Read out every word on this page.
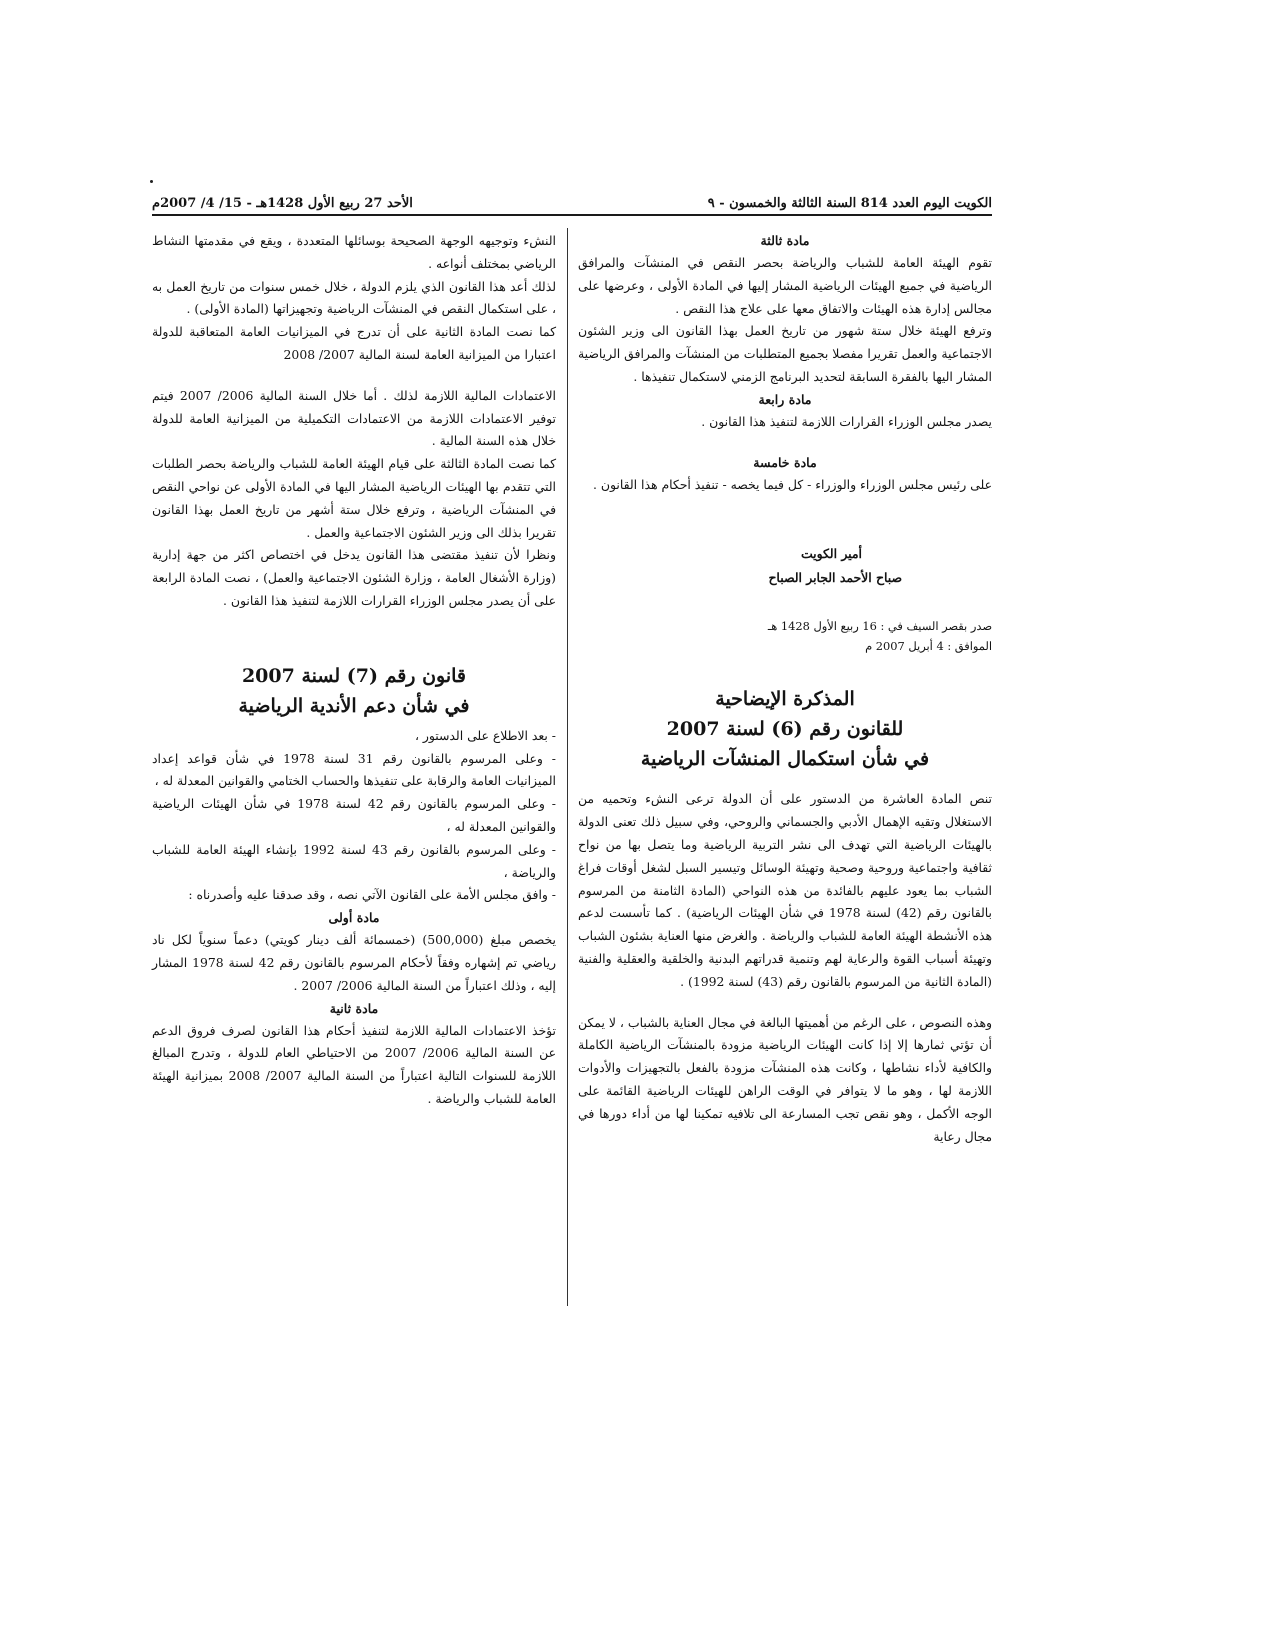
الأحد 27 ربيع الأول 1428هـ - 15/ 4/ 2007م	الكويت اليوم العدد 814 السنة الثالثة والخمسون - ٩

مادة ثالثة

تقوم الهيئة العامة للشباب والرياضة بحصر النقص في المنشآت والمرافق الرياضية في جميع الهيئات الرياضية المشار إليها في المادة الأولى ، وعرضها على مجالس إدارة هذه الهيئات والاتفاق معها على علاج هذا النقص .

وترفع الهيئة خلال ستة شهور من تاريخ العمل بهذا القانون الى وزير الشئون الاجتماعية والعمل تقريرا مفصلا بجميع المتطلبات من المنشآت والمرافق الرياضية المشار اليها بالفقرة السابقة لتحديد البرنامج الزمني لاستكمال تنفيذها .

مادة رابعة

يصدر مجلس الوزراء القرارات اللازمة لتنفيذ هذا القانون .

مادة خامسة

على رئيس مجلس الوزراء والوزراء - كل فيما يخصه - تنفيذ أحكام هذا القانون .

أمير الكويت

صباح الأحمد الجابر الصباح

صدر بقصر السيف في : 16 ربيع الأول 1428 هـ

الموافق : 4 أبريل 2007 م

المذكرة الإيضاحية

للقانون رقم (6) لسنة 2007

في شأن استكمال المنشآت الرياضية

تنص المادة العاشرة من الدستور على أن الدولة ترعى النشء وتحميه من الاستغلال وتقيه الإهمال الأدبي والجسماني والروحي، وفي سبيل ذلك تعنى الدولة بالهيئات الرياضية التي تهدف الى نشر التربية الرياضية وما يتصل بها من نواح ثقافية واجتماعية وروحية وصحية وتهيئة الوسائل وتيسير السبل لشغل أوقات فراغ الشباب بما يعود عليهم بالفائدة من هذه النواحي (المادة الثامنة من المرسوم بالقانون رقم (42) لسنة 1978 في شأن الهيئات الرياضية) . كما تأسست لدعم هذه الأنشطة الهيئة العامة للشباب والرياضة . والغرض منها العناية بشئون الشباب وتهيئة أسباب القوة والرعاية لهم وتنمية قدراتهم البدنية والخلقية والعقلية والفنية (المادة الثانية من المرسوم بالقانون رقم (43) لسنة 1992) .

وهذه النصوص ، على الرغم من أهميتها البالغة في مجال العناية بالشباب ، لا يمكن أن تؤتي ثمارها إلا إذا كانت الهيئات الرياضية مزودة بالمنشآت الرياضية الكاملة والكافية لأداء نشاطها ، وكانت هذه المنشآت مزودة بالفعل بالتجهيزات والأدوات اللازمة لها ، وهو ما لا يتوافر في الوقت الراهن للهيئات الرياضية القائمة على الوجه الأكمل ، وهو نقص تجب المسارعة الى تلافيه تمكينا لها من أداء دورها في مجال رعاية

النشء وتوجيهه الوجهة الصحيحة بوسائلها المتعددة ، ويقع في مقدمتها النشاط الرياضي بمختلف أنواعه .

لذلك أعد هذا القانون الذي يلزم الدولة ، خلال خمس سنوات من تاريخ العمل به ، على استكمال النقص في المنشآت الرياضية وتجهيزاتها (المادة الأولى) .

كما نصت المادة الثانية على أن تدرج في الميزانيات العامة المتعاقبة للدولة اعتبارا من الميزانية العامة لسنة المالية 2007/ 2008

الاعتمادات المالية اللازمة لذلك . أما خلال السنة المالية 2006/ 2007 فيتم توفير الاعتمادات اللازمة من الاعتمادات التكميلية من الميزانية العامة للدولة خلال هذه السنة المالية .

كما نصت المادة الثالثة على قيام الهيئة العامة للشباب والرياضة بحصر الطلبات التي تتقدم بها الهيئات الرياضية المشار اليها في المادة الأولى عن نواحي النقص في المنشآت الرياضية ، وترفع خلال ستة أشهر من تاريخ العمل بهذا القانون تقريرا بذلك الى وزير الشئون الاجتماعية والعمل .

ونظرا لأن تنفيذ مقتضى هذا القانون يدخل في اختصاص اكثر من جهة إدارية (وزارة الأشغال العامة ، وزارة الشئون الاجتماعية والعمل) ، نصت المادة الرابعة على أن يصدر مجلس الوزراء القرارات اللازمة لتنفيذ هذا القانون .

قانون رقم (7) لسنة 2007

في شأن دعم الأندية الرياضية

- بعد الاطلاع على الدستور ،

- وعلى المرسوم بالقانون رقم 31 لسنة 1978 في شأن قواعد إعداد الميزانيات العامة والرقابة على تنفيذها والحساب الختامي والقوانين المعدلة له ،

- وعلى المرسوم بالقانون رقم 42 لسنة 1978 في شأن الهيئات الرياضية والقوانين المعدلة له ،

- وعلى المرسوم بالقانون رقم 43 لسنة 1992 بإنشاء الهيئة العامة للشباب والرياضة ،

- وافق مجلس الأمة على القانون الآتي نصه ، وقد صدقنا عليه وأصدرناه :

مادة أولى

يخصص مبلغ (500,000) (خمسمائة ألف دينار كويتي) دعماً سنوياً لكل ناد رياضي تم إشهاره وفقاً لأحكام المرسوم بالقانون رقم 42 لسنة 1978 المشار إليه ، وذلك اعتباراً من السنة المالية 2006/ 2007 .

مادة ثانية

تؤخذ الاعتمادات المالية اللازمة لتنفيذ أحكام هذا القانون لصرف فروق الدعم عن السنة المالية 2006/ 2007 من الاحتياطي العام للدولة ، وتدرج المبالغ اللازمة للسنوات التالية اعتباراً من السنة المالية 2007/ 2008 بميزانية الهيئة العامة للشباب والرياضة .
